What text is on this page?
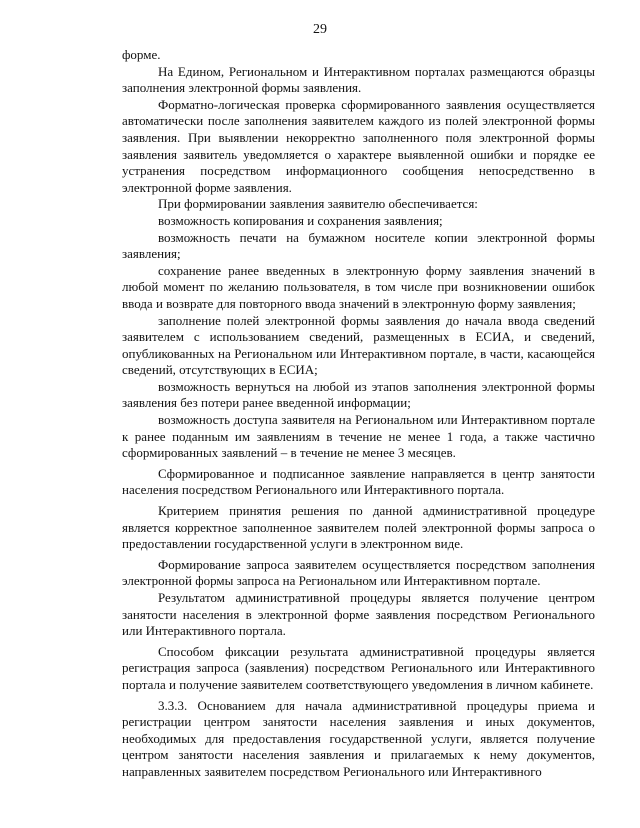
29

форме.

На Едином, Региональном и Интерактивном порталах размещаются образцы заполнения электронной формы заявления.

Форматно-логическая проверка сформированного заявления осуществляется автоматически после заполнения заявителем каждого из полей электронной формы заявления. При выявлении некорректно заполненного поля электронной формы заявления заявитель уведомляется о характере выявленной ошибки и порядке ее устранения посредством информационного сообщения непосредственно в электронной форме заявления.

При формировании заявления заявителю обеспечивается:

возможность копирования и сохранения заявления;

возможность печати на бумажном носителе копии электронной формы заявления;

сохранение ранее введенных в электронную форму заявления значений в любой момент по желанию пользователя, в том числе при возникновении ошибок ввода и возврате для повторного ввода значений в электронную форму заявления;

заполнение полей электронной формы заявления до начала ввода сведений заявителем с использованием сведений, размещенных в ЕСИА, и сведений, опубликованных на Региональном или Интерактивном портале, в части, касающейся сведений, отсутствующих в ЕСИА;

возможность вернуться на любой из этапов заполнения электронной формы заявления без потери ранее введенной информации;

возможность доступа заявителя на Региональном или Интерактивном портале к ранее поданным им заявлениям в течение не менее 1 года, а также частично сформированных заявлений – в течение не менее 3 месяцев.

Сформированное и подписанное заявление направляется в центр занятости населения посредством Регионального или Интерактивного портала.

Критерием принятия решения по данной административной процедуре является корректное заполненное заявителем полей электронной формы запроса о предоставлении государственной услуги в электронном виде.

Формирование запроса заявителем осуществляется посредством заполнения электронной формы запроса на Региональном или Интерактивном портале.

Результатом административной процедуры является получение центром занятости населения в электронной форме заявления посредством Регионального или Интерактивного портала.

Способом фиксации результата административной процедуры является регистрация запроса (заявления) посредством Регионального или Интерактивного портала и получение заявителем соответствующего уведомления в личном кабинете.

3.3.3. Основанием для начала административной процедуры приема и регистрации центром занятости населения заявления и иных документов, необходимых для предоставления государственной услуги, является получение центром занятости населения заявления и прилагаемых к нему документов, направленных заявителем посредством Регионального или Интерактивного
